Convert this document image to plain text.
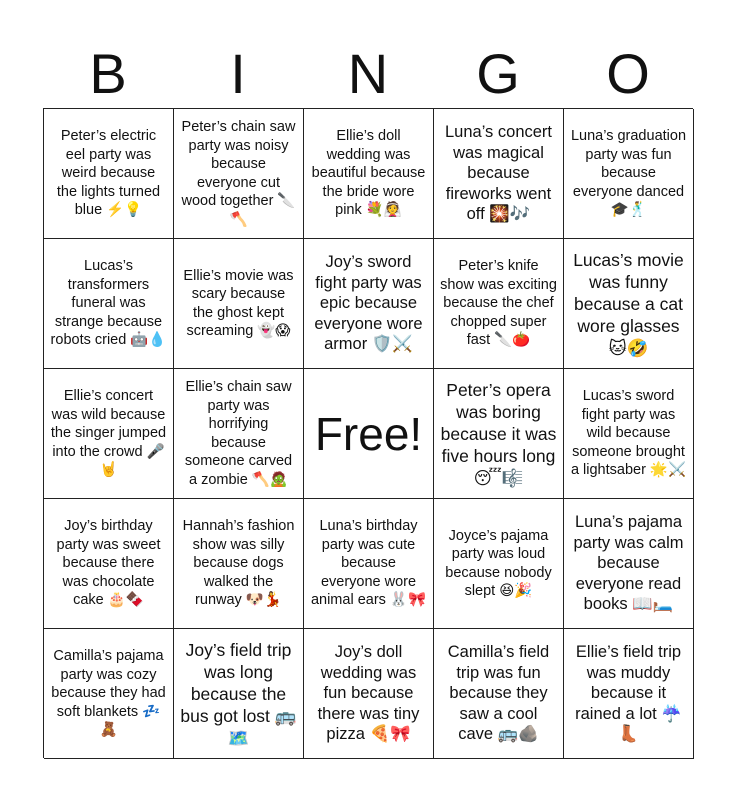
B	I	N	G	O
Peter’s electric eel party was weird because the lights turned blue ⚡️💡
Peter’s chain saw party was noisy because everyone cut wood together 🔪🪓
Ellie’s doll wedding was beautiful because the bride wore pink 💐👰
Luna’s concert was magical because fireworks went off 🎇🎶
Luna’s graduation party was fun because everyone danced 🎓🕺
Lucas’s transformers funeral was strange because robots cried 🤖💧
Ellie’s movie was scary because the ghost kept screaming 👻😱
Joy’s sword fight party was epic because everyone wore armor 🛡️⚔️
Peter’s knife show was exciting because the chef chopped super fast 🔪🍅
Lucas’s movie was funny because a cat wore glasses 🐱🤣
Ellie’s concert was wild because the singer jumped into the crowd 🎤🤘
Ellie’s chain saw party was horrifying because someone carved a zombie 🪓🧟
Free!
Peter’s opera was boring because it was five hours long 😴🎼
Lucas’s sword fight party was wild because someone brought a lightsaber 🌟⚔️
Joy’s birthday party was sweet because there was chocolate cake 🎂🍫
Hannah’s fashion show was silly because dogs walked the runway 🐶💃
Luna’s birthday party was cute because everyone wore animal ears 🐰🎀
Joyce’s pajama party was loud because nobody slept 😆🎉
Luna’s pajama party was calm because everyone read books 📖🛏️
Camilla’s pajama party was cozy because they had soft blankets 💤🧸
Joy’s field trip was long because the bus got lost 🚌🗺️
Joy’s doll wedding was fun because there was tiny pizza 🍕🎀
Camilla’s field trip was fun because they saw a cool cave 🚌🪨
Ellie’s field trip was muddy because it rained a lot ☔️👢
